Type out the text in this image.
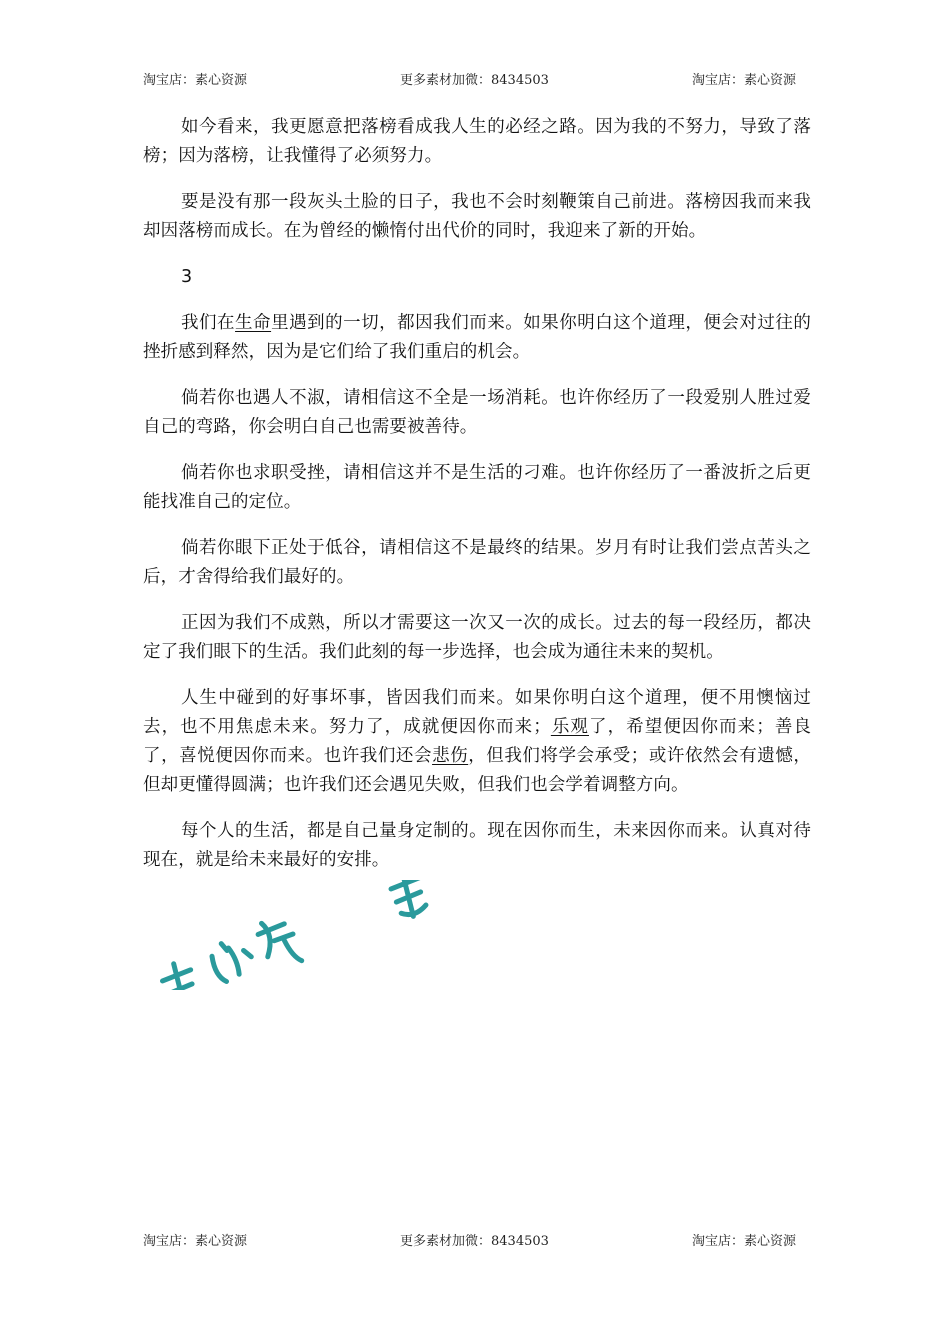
淘宝店：素心资源	更多素材加微：8434503	淘宝店：素心资源

如今看来，我更愿意把落榜看成我人生的必经之路。因为我的不努力，导致了落榜；因为落榜，让我懂得了必须努力。

要是没有那一段灰头土脸的日子，我也不会时刻鞭策自己前进。落榜因我而来我却因落榜而成长。在为曾经的懒惰付出代价的同时，我迎来了新的开始。

3

我们在生命里遇到的一切，都因我们而来。如果你明白这个道理，便会对过往的挫折感到释然，因为是它们给了我们重启的机会。

倘若你也遇人不淑，请相信这不全是一场消耗。也许你经历了一段爱别人胜过爱自己的弯路，你会明白自己也需要被善待。

倘若你也求职受挫，请相信这并不是生活的刁难。也许你经历了一番波折之后更能找准自己的定位。

倘若你眼下正处于低谷，请相信这不是最终的结果。岁月有时让我们尝点苦头之后，才舍得给我们最好的。

正因为我们不成熟，所以才需要这一次又一次的成长。过去的每一段经历，都决定了我们眼下的生活。我们此刻的每一步选择，也会成为通往未来的契机。

人生中碰到的好事坏事，皆因我们而来。如果你明白这个道理，便不用懊恼过去，也不用焦虑未来。努力了，成就便因你而来；乐观了，希望便因你而来；善良了，喜悦便因你而来。也许我们还会悲伤，但我们将学会承受；或许依然会有遗憾，但却更懂得圆满；也许我们还会遇见失败，但我们也会学着调整方向。

每个人的生活，都是自己量身定制的。现在因你而生，未来因你而来。认真对待现在，就是给未来最好的安排。

淘宝店：素心资源	更多素材加微：8434503	淘宝店：素心资源
